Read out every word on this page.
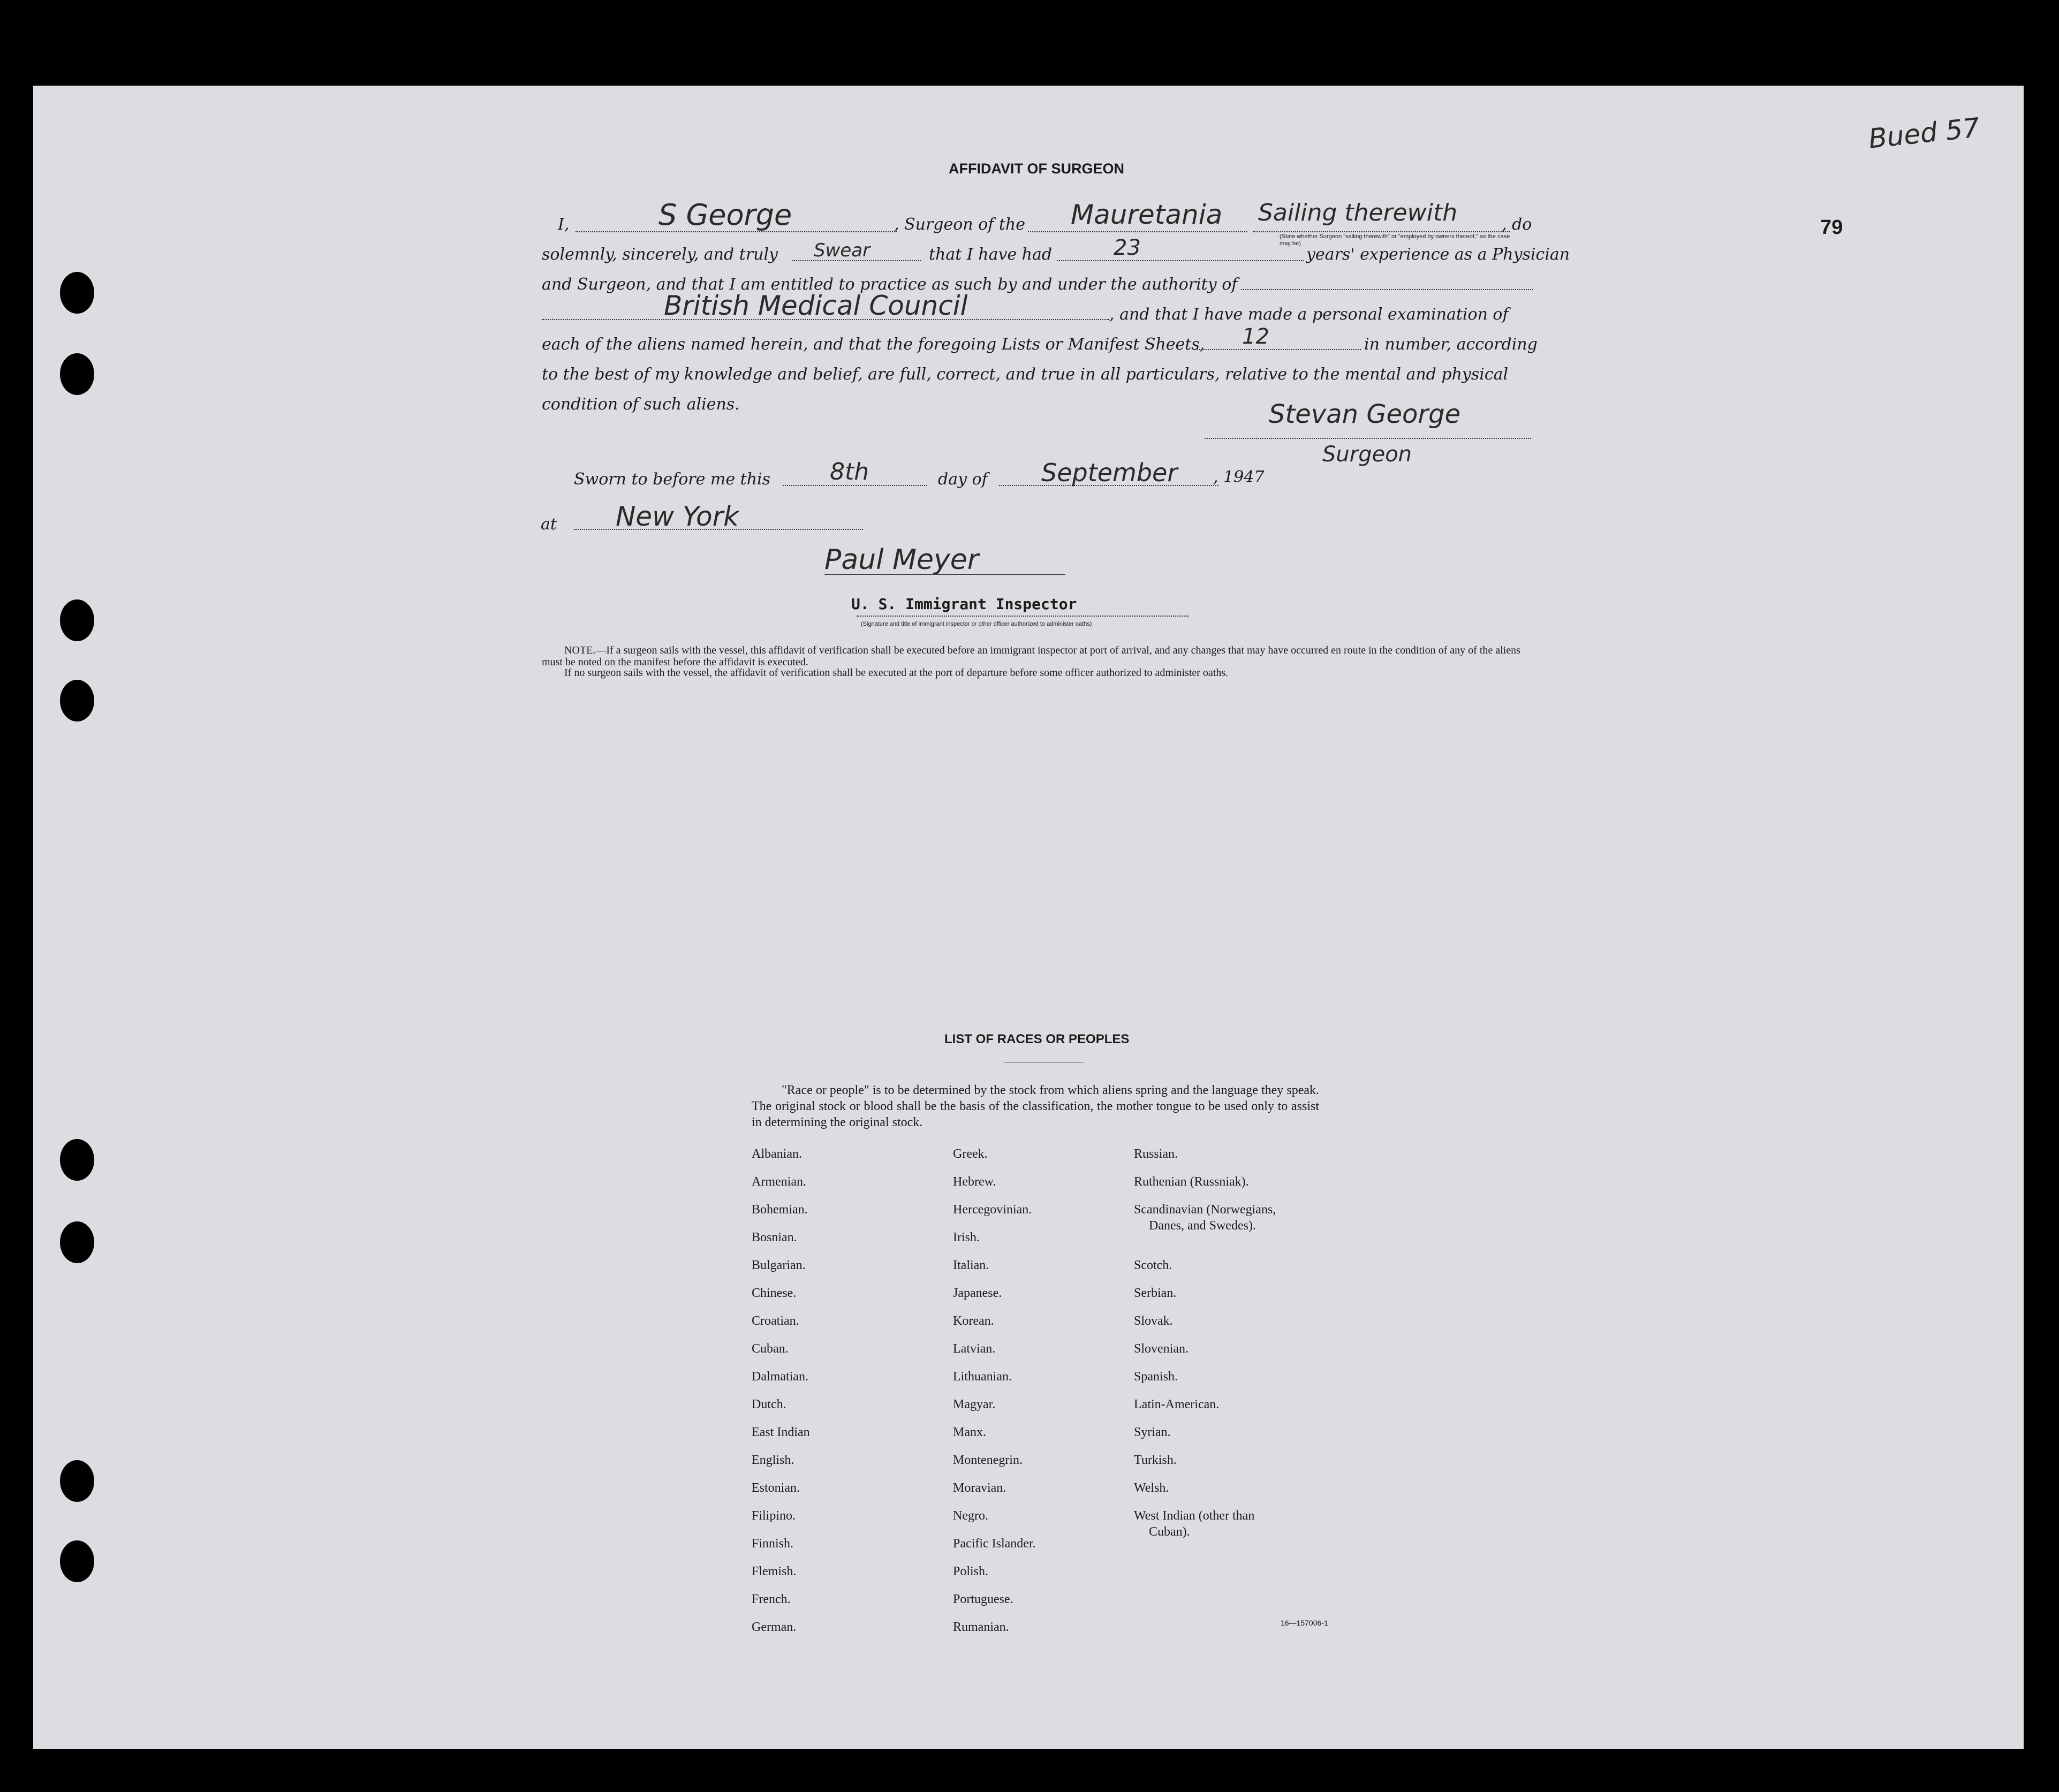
Bued 57
79
AFFIDAVIT OF SURGEON
I,	S George	, Surgeon of the Mauretania Sailing therewith	, do
(State whether Surgeon "sailing therewith" or "employed by owners thereof," as the case may be)
solemnly, sincerely, and truly Swear	that I have had	23	years' experience as a Physician
and Surgeon, and that I am entitled to practice as such by and under the authority of
British Medical Council	, and that I have made a personal examination of
each of the aliens named herein, and that the foregoing Lists or Manifest Sheets, 12	in number, according
to the best of my knowledge and belief, are full, correct, and true in all particulars, relative to the mental and physical
condition of such aliens.	Stevan George
Surgeon
Sworn to before me this	8th	day of September , 1947
at New York
Paul Meyer
U. S. Immigrant Inspector
(Signature and title of immigrant inspector or other officer authorized to administer oaths)
NOTE.—If a surgeon sails with the vessel, this affidavit of verification shall be executed before an immigrant inspector at port of arrival, and any changes that may have occurred en route in the condition of any of the aliens must be noted on the manifest before the affidavit is executed.
If no surgeon sails with the vessel, the affidavit of verification shall be executed at the port of departure before some officer authorized to administer oaths.
LIST OF RACES OR PEOPLES
"Race or people" is to be determined by the stock from which aliens spring and the language they speak. The original stock or blood shall be the basis of the classification, the mother tongue to be used only to assist in determining the original stock.
Albanian.
Armenian.
Bohemian.
Bosnian.
Bulgarian.
Chinese.
Croatian.
Cuban.
Dalmatian.
Dutch.
East Indian
English.
Estonian.
Filipino.
Finnish.
Flemish.
French.
German.
Greek.
Hebrew.
Hercegovinian.
Irish.
Italian.
Japanese.
Korean.
Latvian.
Lithuanian.
Magyar.
Manx.
Montenegrin.
Moravian.
Negro.
Pacific Islander.
Polish.
Portuguese.
Rumanian.
Russian.
Ruthenian (Russniak).
Scandinavian (Norwegians,
Danes, and Swedes).
Scotch.
Serbian.
Slovak.
Slovenian.
Spanish.
Latin-American.
Syrian.
Turkish.
Welsh.
West Indian (other than
Cuban).
16—157006-1
